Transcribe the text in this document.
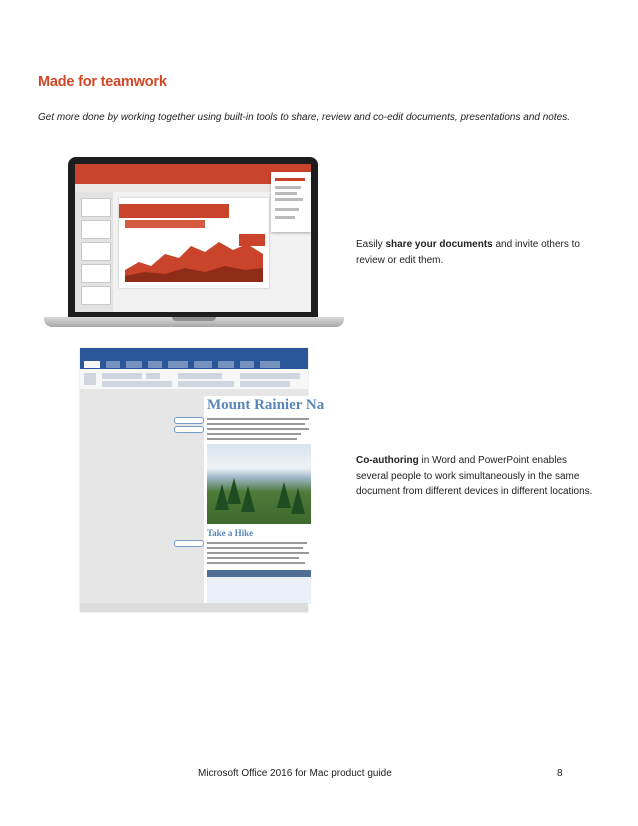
Made for teamwork

Get more done by working together using built-in tools to share, review and co-edit documents, presentations and notes.

Easily share your documents and invite others to review or edit them.

Mount Rainier Na
Take a Hike

Co-authoring in Word and PowerPoint enables several people to work simultaneously in the same document from different devices in different locations.

Microsoft Office 2016 for Mac product guide	8
